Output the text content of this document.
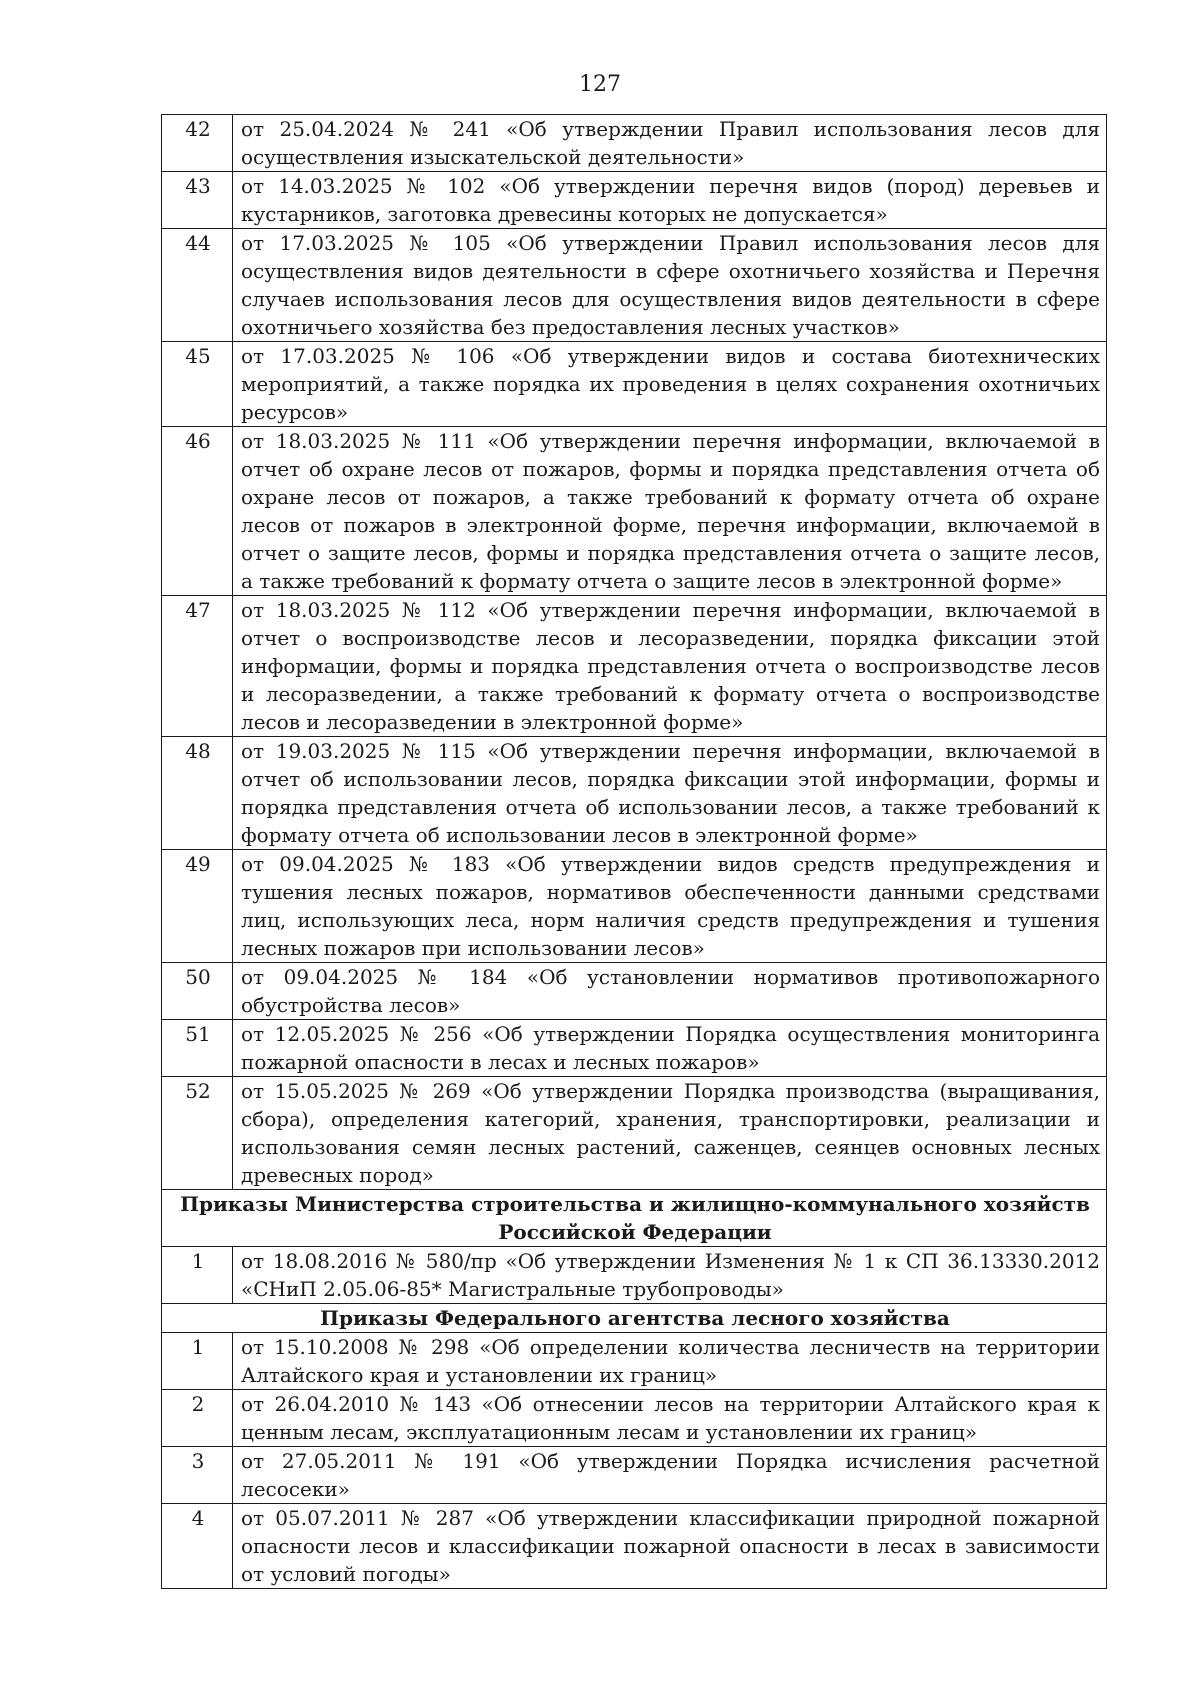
127
42	от 25.04.2024 № 241 «Об утверждении Правил использования лесов для осуществления изыскательской деятельности»
43	от 14.03.2025 № 102 «Об утверждении перечня видов (пород) деревьев и кустарников, заготовка древесины которых не допускается»
44	от 17.03.2025 № 105 «Об утверждении Правил использования лесов для осуществления видов деятельности в сфере охотничьего хозяйства и Перечня случаев использования лесов для осуществления видов деятельности в сфере охотничьего хозяйства без предоставления лесных участков»
45	от 17.03.2025 № 106 «Об утверждении видов и состава биотехнических мероприятий, а также порядка их проведения в целях сохранения охотничьих ресурсов»
46	от 18.03.2025 № 111 «Об утверждении перечня информации, включаемой в отчет об охране лесов от пожаров, формы и порядка представления отчета об охране лесов от пожаров, а также требований к формату отчета об охране лесов от пожаров в электронной форме, перечня информации, включаемой в отчет о защите лесов, формы и порядка представления отчета о защите лесов, а также требований к формату отчета о защите лесов в электронной форме»
47	от 18.03.2025 № 112 «Об утверждении перечня информации, включаемой в отчет о воспроизводстве лесов и лесоразведении, порядка фиксации этой информации, формы и порядка представления отчета о воспроизводстве лесов и лесоразведении, а также требований к формату отчета о воспроизводстве лесов и лесоразведении в электронной форме»
48	от 19.03.2025 № 115 «Об утверждении перечня информации, включаемой в отчет об использовании лесов, порядка фиксации этой информации, формы и порядка представления отчета об использовании лесов, а также требований к формату отчета об использовании лесов в электронной форме»
49	от 09.04.2025 № 183 «Об утверждении видов средств предупреждения и тушения лесных пожаров, нормативов обеспеченности данными средствами лиц, использующих леса, норм наличия средств предупреждения и тушения лесных пожаров при использовании лесов»
50	от 09.04.2025 № 184 «Об установлении нормативов противопожарного обустройства лесов»
51	от 12.05.2025 № 256 «Об утверждении Порядка осуществления мониторинга пожарной опасности в лесах и лесных пожаров»
52	от 15.05.2025 № 269 «Об утверждении Порядка производства (выращивания, сбора), определения категорий, хранения, транспортировки, реализации и использования семян лесных растений, саженцев, сеянцев основных лесных древесных пород»
Приказы Министерства строительства и жилищно-коммунального хозяйств Российской Федерации	
1	от 18.08.2016 № 580/пр «Об утверждении Изменения № 1 к СП 36.13330.2012 «СНиП 2.05.06-85* Магистральные трубопроводы»
Приказы Федерального агентства лесного хозяйства	
1	от 15.10.2008 № 298 «Об определении количества лесничеств на территории Алтайского края и установлении их границ»
2	от 26.04.2010 № 143 «Об отнесении лесов на территории Алтайского края к ценным лесам, эксплуатационным лесам и установлении их границ»
3	от 27.05.2011 № 191 «Об утверждении Порядка исчисления расчетной лесосеки»
4	от 05.07.2011 № 287 «Об утверждении классификации природной пожарной опасности лесов и классификации пожарной опасности в лесах в зависимости от условий погоды»
